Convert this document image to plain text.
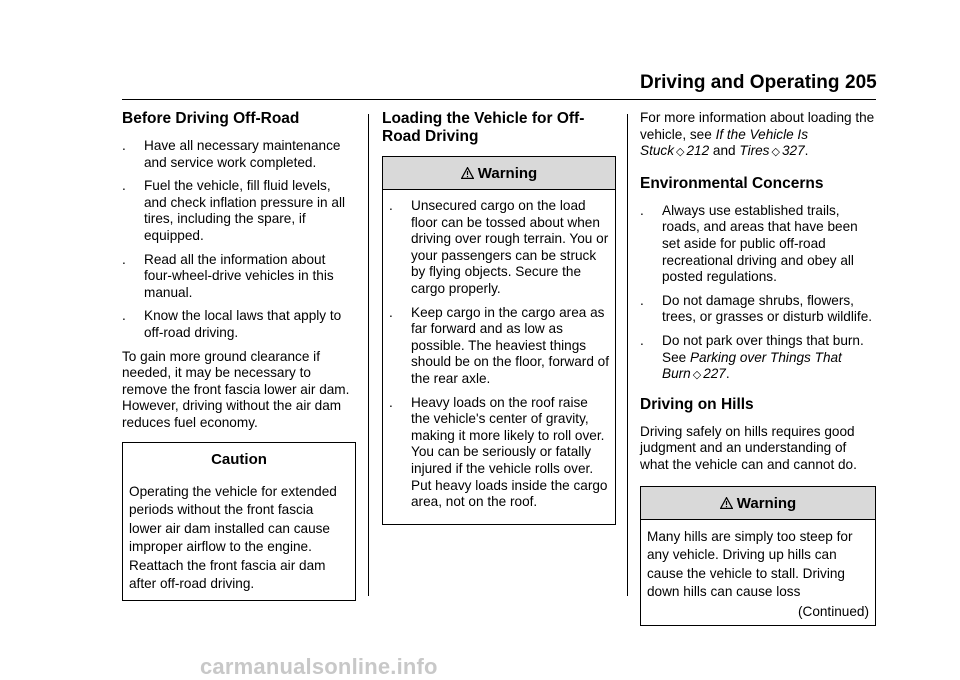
Driving and Operating 205
Before Driving Off-Road
. Have all necessary maintenance and service work completed.
. Fuel the vehicle, fill fluid levels, and check inflation pressure in all tires, including the spare, if equipped.
. Read all the information about four-wheel-drive vehicles in this manual.
. Know the local laws that apply to off-road driving.

To gain more ground clearance if needed, it may be necessary to remove the front fascia lower air dam. However, driving without the air dam reduces fuel economy.

Caution

Operating the vehicle for extended periods without the front fascia lower air dam installed can cause improper airflow to the engine. Reattach the front fascia air dam after off-road driving.

Loading the Vehicle for Off-Road Driving
Warning
. Unsecured cargo on the load floor can be tossed about when driving over rough terrain. You or your passengers can be struck by flying objects. Secure the cargo properly.
. Keep cargo in the cargo area as far forward and as low as possible. The heaviest things should be on the floor, forward of the rear axle.
. Heavy loads on the roof raise the vehicle's center of gravity, making it more likely to roll over. You can be seriously or fatally injured if the vehicle rolls over. Put heavy loads inside the cargo area, not on the roof.

For more information about loading the vehicle, see If the Vehicle Is Stuck ◇ 212 and Tires ◇ 327.

Environmental Concerns
. Always use established trails, roads, and areas that have been set aside for public off-road recreational driving and obey all posted regulations.
. Do not damage shrubs, flowers, trees, or grasses or disturb wildlife.
. Do not park over things that burn. See Parking over Things That Burn ◇ 227.
Driving on Hills

Driving safely on hills requires good judgment and an understanding of what the vehicle can and cannot do.

Warning

Many hills are simply too steep for any vehicle. Driving up hills can cause the vehicle to stall. Driving down hills can cause loss

(Continued)
carmanualsonline.info
